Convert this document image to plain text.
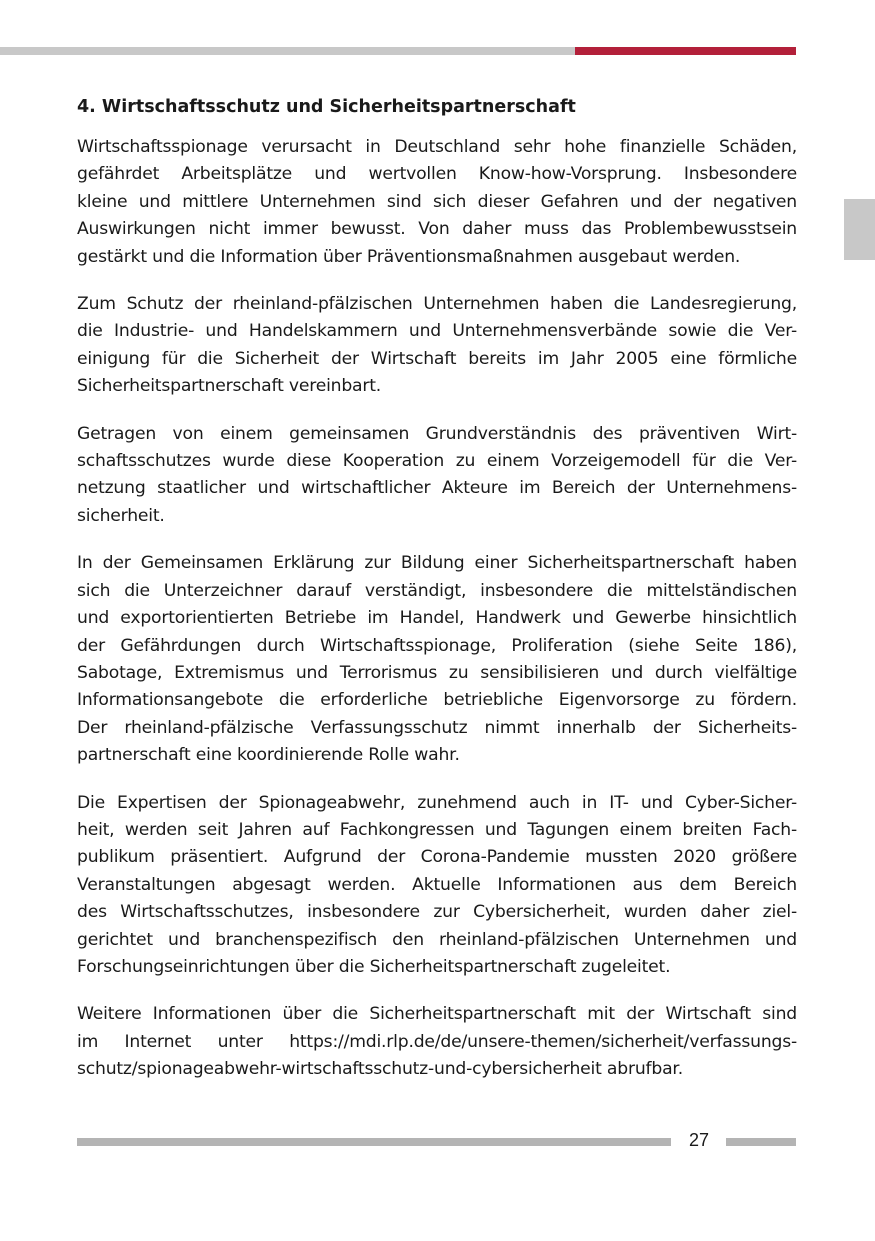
4. Wirtschaftsschutz und Sicherheitspartnerschaft
Wirtschaftsspionage verursacht in Deutschland sehr hohe finanzielle Schäden,
gefährdet Arbeitsplätze und wertvollen Know-how-Vorsprung. Insbesondere
kleine und mittlere Unternehmen sind sich dieser Gefahren und der negativen
Auswirkungen nicht immer bewusst. Von daher muss das Problembewusstsein
gestärkt und die Information über Präventionsmaßnahmen ausgebaut werden.
Zum Schutz der rheinland-pfälzischen Unternehmen haben die Landesregierung,
die Industrie- und Handelskammern und Unternehmensverbände sowie die Ver-
einigung für die Sicherheit der Wirtschaft bereits im Jahr 2005 eine förmliche
Sicherheitspartnerschaft vereinbart.
Getragen von einem gemeinsamen Grundverständnis des präventiven Wirt-
schaftsschutzes wurde diese Kooperation zu einem Vorzeigemodell für die Ver-
netzung staatlicher und wirtschaftlicher Akteure im Bereich der Unternehmens-
sicherheit.
In der Gemeinsamen Erklärung zur Bildung einer Sicherheitspartnerschaft haben
sich die Unterzeichner darauf verständigt, insbesondere die mittelständischen
und exportorientierten Betriebe im Handel, Handwerk und Gewerbe hinsichtlich
der Gefährdungen durch Wirtschaftsspionage, Proliferation (siehe Seite 186),
Sabotage, Extremismus und Terrorismus zu sensibilisieren und durch vielfältige
Informationsangebote die erforderliche betriebliche Eigenvorsorge zu fördern.
Der rheinland-pfälzische Verfassungsschutz nimmt innerhalb der Sicherheits-
partnerschaft eine koordinierende Rolle wahr.
Die Expertisen der Spionageabwehr, zunehmend auch in IT- und Cyber-Sicher-
heit, werden seit Jahren auf Fachkongressen und Tagungen einem breiten Fach-
publikum präsentiert. Aufgrund der Corona-Pandemie mussten 2020 größere
Veranstaltungen abgesagt werden. Aktuelle Informationen aus dem Bereich
des Wirtschaftsschutzes, insbesondere zur Cybersicherheit, wurden daher ziel-
gerichtet und branchenspezifisch den rheinland-pfälzischen Unternehmen und
Forschungseinrichtungen über die Sicherheitspartnerschaft zugeleitet.
Weitere Informationen über die Sicherheitspartnerschaft mit der Wirtschaft sind
im Internet unter https://mdi.rlp.de/de/unsere-themen/sicherheit/verfassungs-
schutz/spionageabwehr-wirtschaftsschutz-und-cybersicherheit abrufbar.
27
